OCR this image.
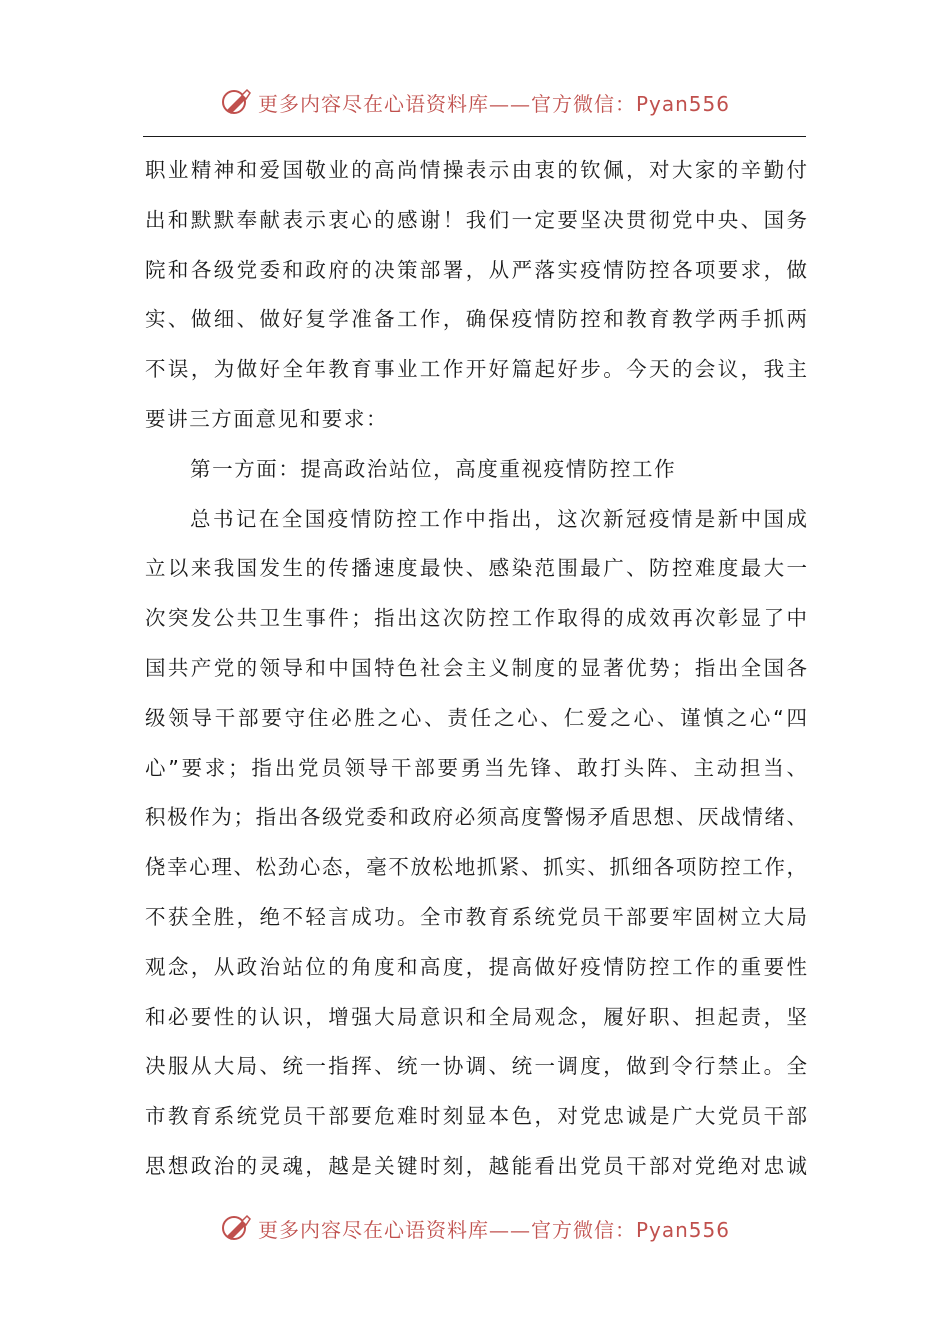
更多内容尽在心语资料库——官方微信：Pyan556
职业精神和爱国敬业的高尚情操表示由衷的钦佩，对大家的辛勤付
出和默默奉献表示衷心的感谢！我们一定要坚决贯彻党中央、国务
院和各级党委和政府的决策部署，从严落实疫情防控各项要求，做
实、做细、做好复学准备工作，确保疫情防控和教育教学两手抓两
不误，为做好全年教育事业工作开好篇起好步。今天的会议，我主
要讲三方面意见和要求：
第一方面：提高政治站位，高度重视疫情防控工作
总书记在全国疫情防控工作中指出，这次新冠疫情是新中国成
立以来我国发生的传播速度最快、感染范围最广、防控难度最大一
次突发公共卫生事件；指出这次防控工作取得的成效再次彰显了中
国共产党的领导和中国特色社会主义制度的显著优势；指出全国各
级领导干部要守住必胜之心、责任之心、仁爱之心、谨慎之心“四
心”要求；指出党员领导干部要勇当先锋、敢打头阵、主动担当、
积极作为；指出各级党委和政府必须高度警惕矛盾思想、厌战情绪、
侥幸心理、松劲心态，毫不放松地抓紧、抓实、抓细各项防控工作，
不获全胜，绝不轻言成功。全市教育系统党员干部要牢固树立大局
观念，从政治站位的角度和高度，提高做好疫情防控工作的重要性
和必要性的认识，增强大局意识和全局观念，履好职、担起责，坚
决服从大局、统一指挥、统一协调、统一调度，做到令行禁止。全
市教育系统党员干部要危难时刻显本色，对党忠诚是广大党员干部
思想政治的灵魂，越是关键时刻，越能看出党员干部对党绝对忠诚
更多内容尽在心语资料库——官方微信：Pyan556
